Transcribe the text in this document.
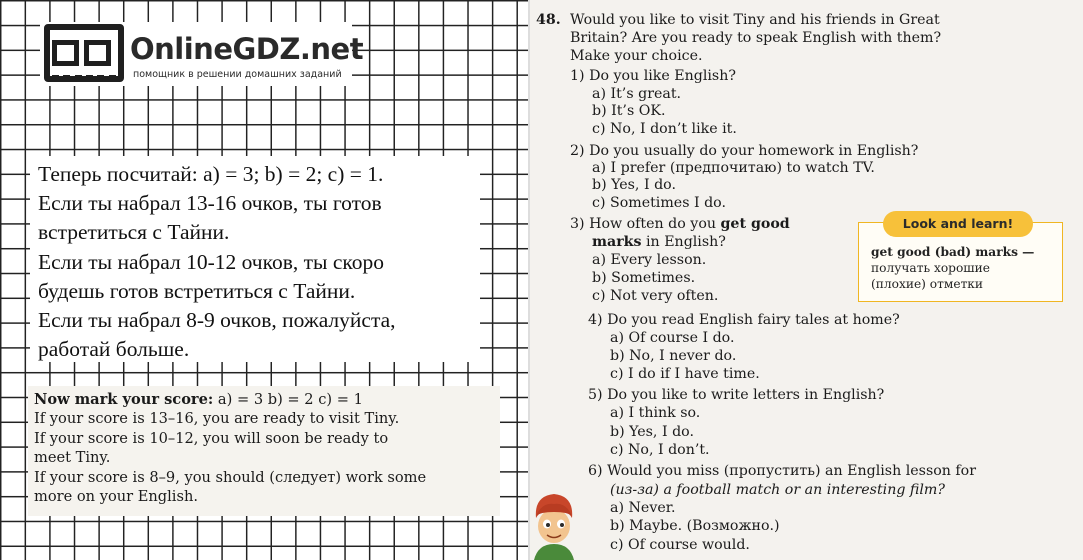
OnlineGDZ.net
помощник в решении домашних заданий
Теперь посчитай: a) = 3; b) = 2; c) = 1.
Если ты набрал 13-16 очков, ты готов
встретиться с Тайни.
Если ты набрал 10-12 очков, ты скоро
будешь готов встретиться с Тайни.
Если ты набрал 8-9 очков, пожалуйста,
работай больше.
Now mark your score: a) = 3 b) = 2 c) = 1
If your score is 13–16, you are ready to visit Tiny.
If your score is 10–12, you will soon be ready to
meet Tiny.
If your score is 8–9, you should (следует) work some
more on your English.
48. Would you like to visit Tiny and his friends in Great
Britain? Are you ready to speak English with them?
Make your choice.
1) Do you like English?
a) It’s great.
b) It’s OK.
c) No, I don’t like it.
2) Do you usually do your homework in English?
a) I prefer (предпочитаю) to watch TV.
b) Yes, I do.
c) Sometimes I do.
3) How often do you get good
marks in English?
a) Every lesson.
b) Sometimes.
c) Not very often.
4) Do you read English fairy tales at home?
a) Of course I do.
b) No, I never do.
c) I do if I have time.
5) Do you like to write letters in English?
a) I think so.
b) Yes, I do.
c) No, I don’t.
6) Would you miss (пропустить) an English lesson for
(из-за) a football match or an interesting film?
a) Never.
b) Maybe. (Возможно.)
c) Of course would.
Look and learn!
get good (bad) marks —
получать хорошие
(плохие) отметки
